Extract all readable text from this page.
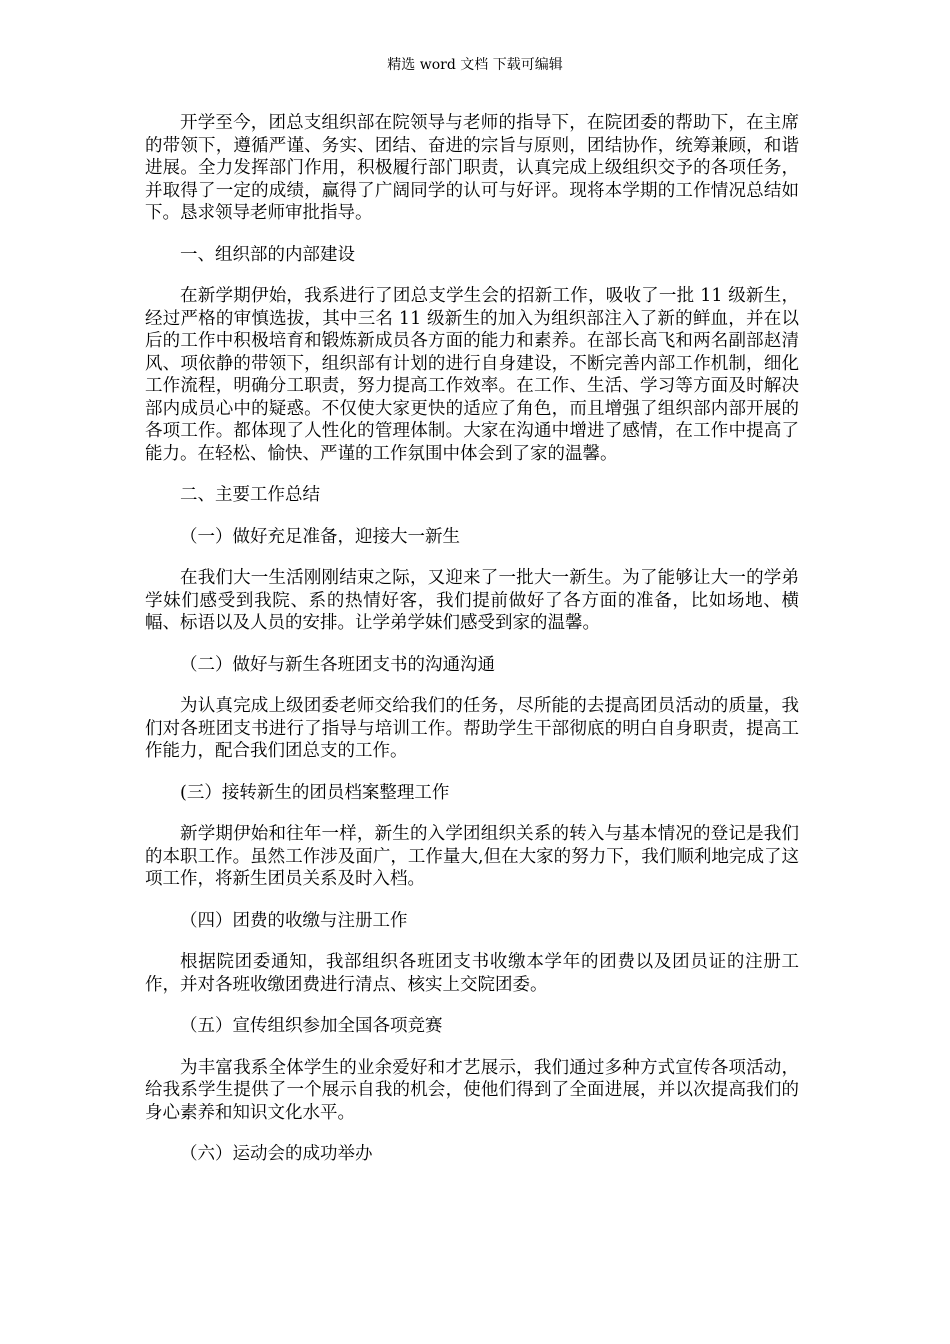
精选 word 文档 下载可编辑

开学至今，团总支组织部在院领导与老师的指导下，在院团委的帮助下，在主席的带领下，遵循严谨、务实、团结、奋进的宗旨与原则，团结协作，统筹兼顾，和谐进展。全力发挥部门作用，积极履行部门职责，认真完成上级组织交予的各项任务，并取得了一定的成绩，赢得了广阔同学的认可与好评。现将本学期的工作情况总结如下。恳求领导老师审批指导。

一、组织部的内部建设

在新学期伊始，我系进行了团总支学生会的招新工作，吸收了一批 11 级新生，经过严格的审慎选拔，其中三名 11 级新生的加入为组织部注入了新的鲜血，并在以后的工作中积极培育和锻炼新成员各方面的能力和素养。在部长高飞和两名副部赵清风、项依静的带领下，组织部有计划的进行自身建设，不断完善内部工作机制，细化工作流程，明确分工职责，努力提高工作效率。在工作、生活、学习等方面及时解决部内成员心中的疑惑。不仅使大家更快的适应了角色，而且增强了组织部内部开展的各项工作。都体现了人性化的管理体制。大家在沟通中增进了感情，在工作中提高了能力。在轻松、愉快、严谨的工作氛围中体会到了家的温馨。

二、主要工作总结

（一）做好充足准备，迎接大一新生

在我们大一生活刚刚结束之际，又迎来了一批大一新生。为了能够让大一的学弟学妹们感受到我院、系的热情好客，我们提前做好了各方面的准备，比如场地、横幅、标语以及人员的安排。让学弟学妹们感受到家的温馨。

（二）做好与新生各班团支书的沟通沟通

为认真完成上级团委老师交给我们的任务，尽所能的去提高团员活动的质量，我们对各班团支书进行了指导与培训工作。帮助学生干部彻底的明白自身职责，提高工作能力，配合我们团总支的工作。

(三）接转新生的团员档案整理工作

新学期伊始和往年一样，新生的入学团组织关系的转入与基本情况的登记是我们的本职工作。虽然工作涉及面广，工作量大,但在大家的努力下，我们顺利地完成了这项工作，将新生团员关系及时入档。

（四）团费的收缴与注册工作

根据院团委通知，我部组织各班团支书收缴本学年的团费以及团员证的注册工作，并对各班收缴团费进行清点、核实上交院团委。

（五）宣传组织参加全国各项竞赛

为丰富我系全体学生的业余爱好和才艺展示，我们通过多种方式宣传各项活动，给我系学生提供了一个展示自我的机会，使他们得到了全面进展，并以次提高我们的身心素养和知识文化水平。

（六）运动会的成功举办
